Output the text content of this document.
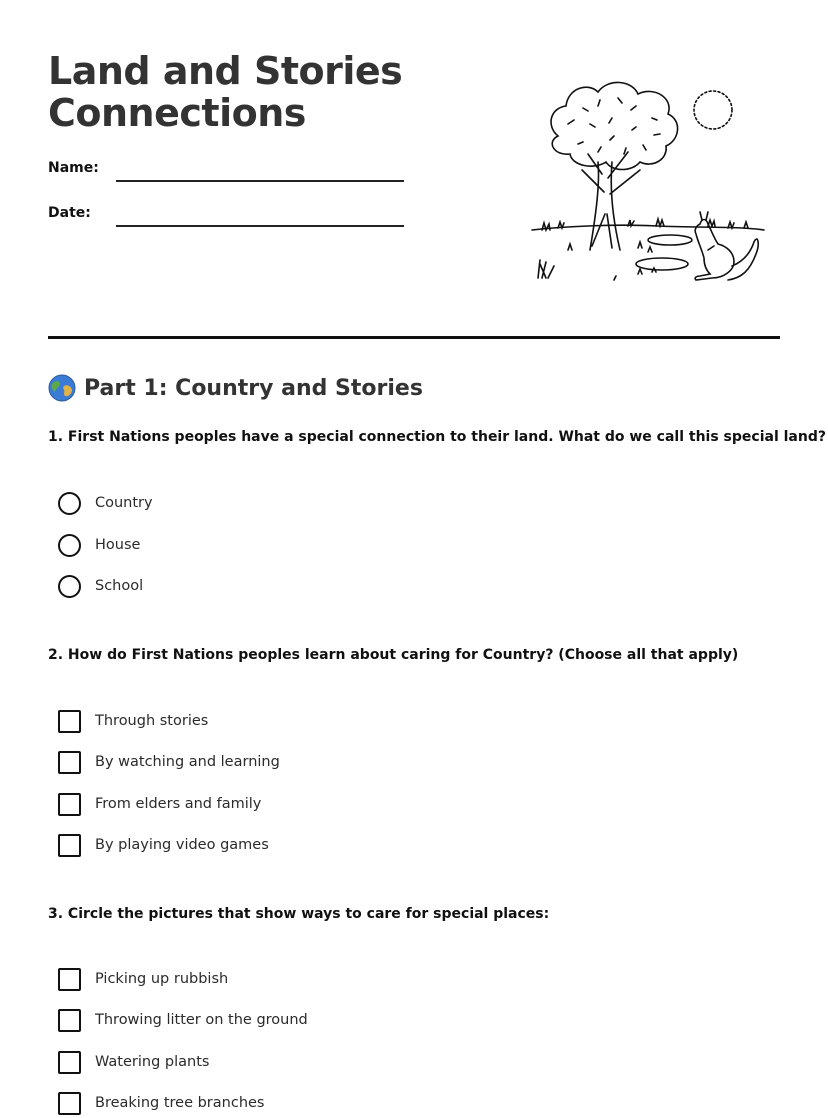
Land and Stories Connections
Name:
Date:
Part 1: Country and Stories
1. First Nations peoples have a special connection to their land. What do we call this special land?
Country
House
School
2. How do First Nations peoples learn about caring for Country? (Choose all that apply)
Through stories
By watching and learning
From elders and family
By playing video games
3. Circle the pictures that show ways to care for special places:
Picking up rubbish
Throwing litter on the ground
Watering plants
Breaking tree branches
